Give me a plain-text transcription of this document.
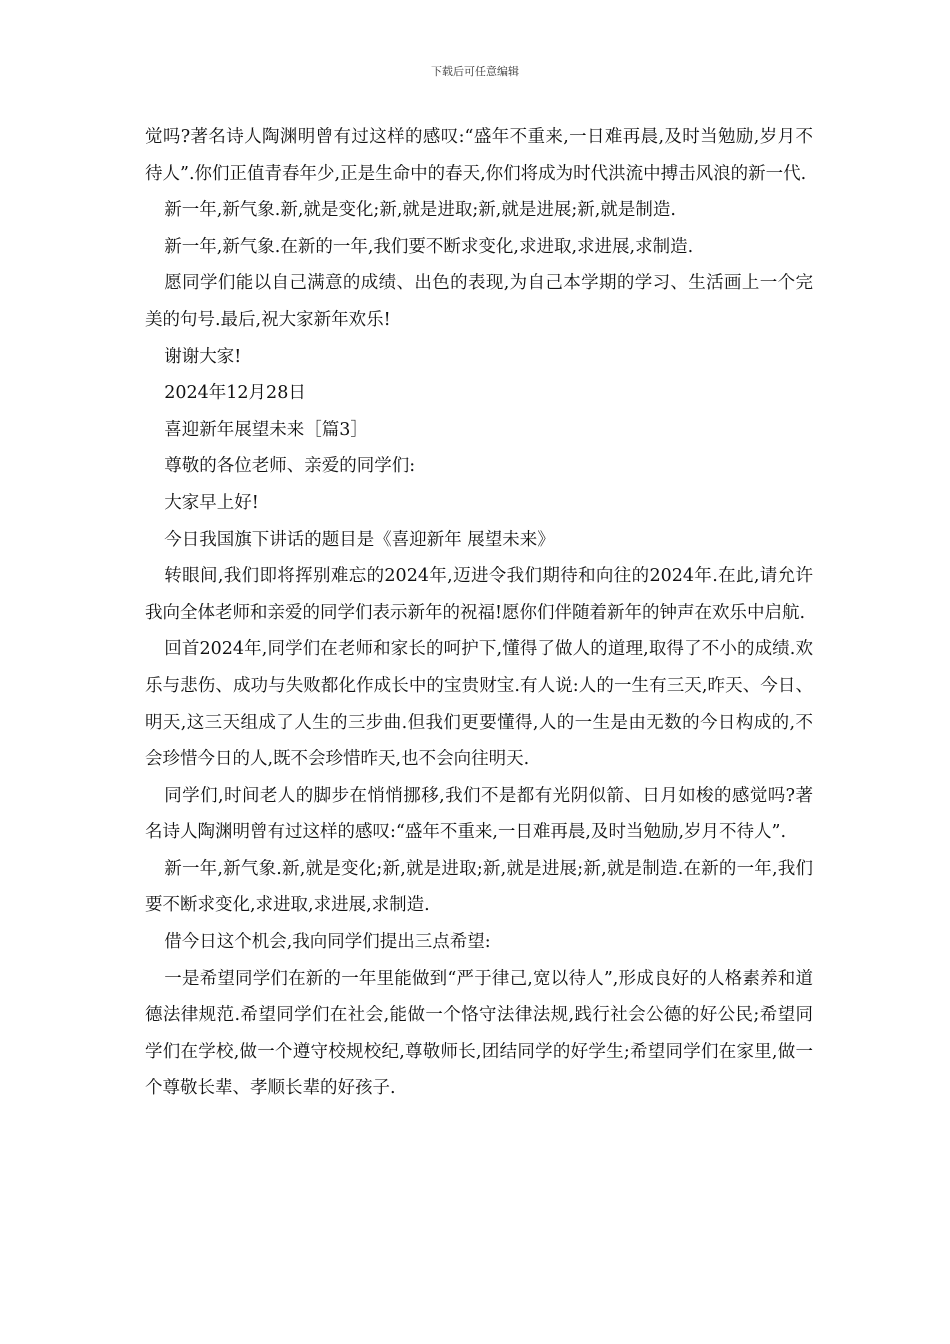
下载后可任意编辑

觉吗?著名诗人陶渊明曾有过这样的感叹:“盛年不重来,一日难再晨,及时当勉励,岁月不待人”.你们正值青春年少,正是生命中的春天,你们将成为时代洪流中搏击风浪的新一代.

新一年,新气象.新,就是变化;新,就是进取;新,就是进展;新,就是制造.

新一年,新气象.在新的一年,我们要不断求变化,求进取,求进展,求制造.

愿同学们能以自己满意的成绩、出色的表现,为自己本学期的学习、生活画上一个完美的句号.最后,祝大家新年欢乐!

谢谢大家!

2024年12月28日

喜迎新年展望未来［篇3］

尊敬的各位老师、亲爱的同学们:

大家早上好!

今日我国旗下讲话的题目是《喜迎新年 展望未来》

转眼间,我们即将挥别难忘的2024年,迈进令我们期待和向往的2024年.在此,请允许我向全体老师和亲爱的同学们表示新年的祝福!愿你们伴随着新年的钟声在欢乐中启航.

回首2024年,同学们在老师和家长的呵护下,懂得了做人的道理,取得了不小的成绩.欢乐与悲伤、成功与失败都化作成长中的宝贵财宝.有人说:人的一生有三天,昨天、今日、明天,这三天组成了人生的三步曲.但我们更要懂得,人的一生是由无数的今日构成的,不会珍惜今日的人,既不会珍惜昨天,也不会向往明天.

同学们,时间老人的脚步在悄悄挪移,我们不是都有光阴似箭、日月如梭的感觉吗?著名诗人陶渊明曾有过这样的感叹:“盛年不重来,一日难再晨,及时当勉励,岁月不待人”.

新一年,新气象.新,就是变化;新,就是进取;新,就是进展;新,就是制造.在新的一年,我们要不断求变化,求进取,求进展,求制造.

借今日这个机会,我向同学们提出三点希望:

一是希望同学们在新的一年里能做到“严于律己,宽以待人”,形成良好的人格素养和道德法律规范.希望同学们在社会,能做一个恪守法律法规,践行社会公德的好公民;希望同学们在学校,做一个遵守校规校纪,尊敬师长,团结同学的好学生;希望同学们在家里,做一个尊敬长辈、孝顺长辈的好孩子.
